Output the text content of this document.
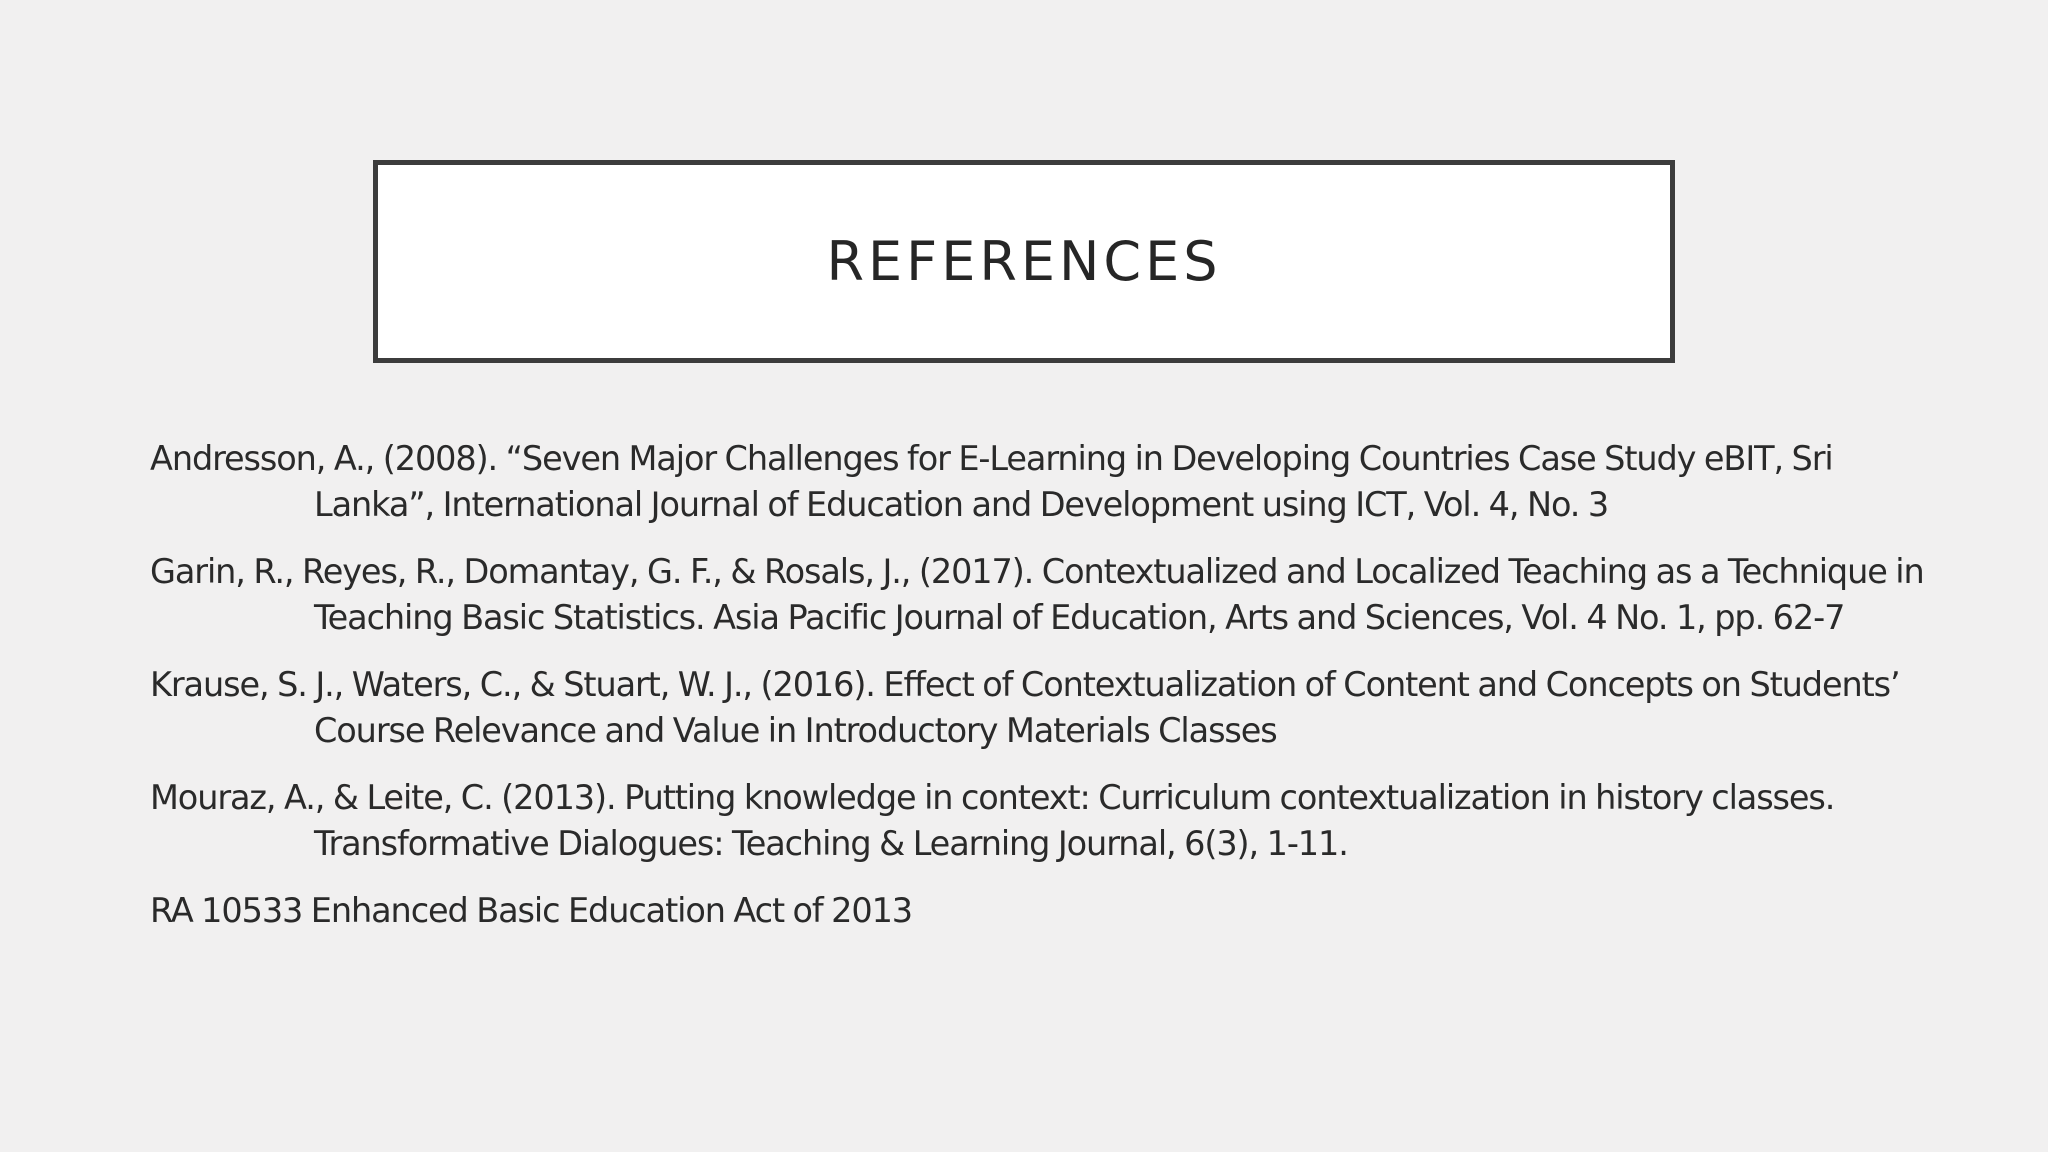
REFERENCES
Andresson, A., (2008). “Seven Major Challenges for E-Learning in Developing Countries Case Study eBIT, Sri
Lanka”, International Journal of Education and Development using ICT, Vol. 4, No. 3
Garin, R., Reyes, R., Domantay, G. F., & Rosals, J., (2017). Contextualized and Localized Teaching as a Technique in
Teaching Basic Statistics. Asia Pacific Journal of Education, Arts and Sciences, Vol. 4 No. 1, pp. 62-7
Krause, S. J., Waters, C., & Stuart, W. J., (2016). Effect of Contextualization of Content and Concepts on Students’
Course Relevance and Value in Introductory Materials Classes
Mouraz, A., & Leite, C. (2013). Putting knowledge in context: Curriculum contextualization in history classes.
Transformative Dialogues: Teaching & Learning Journal, 6(3), 1-11.
RA 10533 Enhanced Basic Education Act of 2013
